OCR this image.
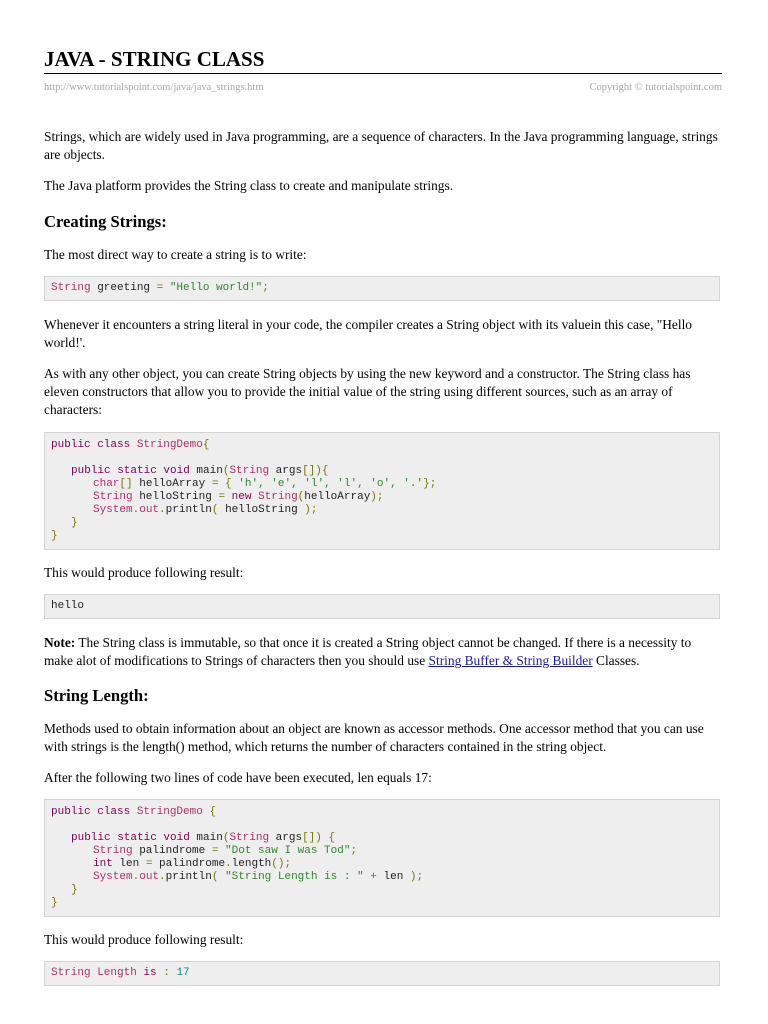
JAVA - STRING CLASS
http://www.tutorialspoint.com/java/java_strings.htm	Copyright © tutorialspoint.com

Strings, which are widely used in Java programming, are a sequence of characters. In the Java programming language, strings are objects.

The Java platform provides the String class to create and manipulate strings.

Creating Strings:

The most direct way to create a string is to write:

String greeting = "Hello world!";

Whenever it encounters a string literal in your code, the compiler creates a String object with its valuein this case, "Hello world!'.

As with any other object, you can create String objects by using the new keyword and a constructor. The String class has eleven constructors that allow you to provide the initial value of the string using different sources, such as an array of characters:

public class StringDemo{
public static void main(String args[]){
char[] helloArray = { 'h', 'e', 'l', 'l', 'o', '.'};
String helloString = new String(helloArray);
System.out.println( helloString );
}
}

This would produce following result:

hello

Note: The String class is immutable, so that once it is created a String object cannot be changed. If there is a necessity to make alot of modifications to Strings of characters then you should use String Buffer & String Builder Classes.

String Length:

Methods used to obtain information about an object are known as accessor methods. One accessor method that you can use with strings is the length() method, which returns the number of characters contained in the string object.

After the following two lines of code have been executed, len equals 17:

public class StringDemo {
public static void main(String args[]) {
String palindrome = "Dot saw I was Tod";
int len = palindrome.length();
System.out.println( "String Length is : " + len );
}
}

This would produce following result:

String Length is : 17
